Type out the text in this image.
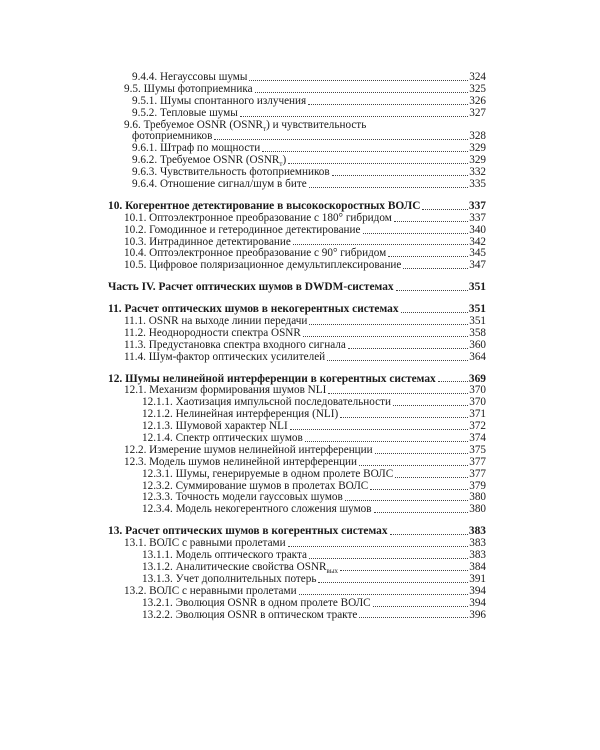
9.4.4. Негауссовы шумы	324
9.5. Шумы фотоприемника	325
9.5.1. Шумы спонтанного излучения	326
9.5.2. Тепловые шумы	327
9.6. Требуемое OSNR $(OSNR_т)$ и чувствительность
фотоприемников	328
9.6.1. Штраф по мощности	329
9.6.2. Требуемое OSNR $(OSNR_т)$	329
9.6.3. Чувствительность фотоприемников	332
9.6.4. Отношение сигнал/шум в бите	335
10. Когерентное детектирование в высокоскоростных ВОЛС	337
10.1. Оптоэлектронное преобразование с 180° гибридом	337
10.2. Гомодинное и гетеродинное детектирование	340
10.3. Интрадинное детектирование	342
10.4. Оптоэлектронное преобразование с 90° гибридом	345
10.5. Цифровое поляризационное демультиплексирование	347
Часть IV. Расчет оптических шумов в DWDM-системах	351
11. Расчет оптических шумов в некогерентных системах	351
11.1. OSNR на выходе линии передачи	351
11.2. Неоднородности спектра OSNR	358
11.3. Предустановка спектра входного сигнала	360
11.4. Шум-фактор оптических усилителей	364
12. Шумы нелинейной интерференции в когерентных системах	369
12.1. Механизм формирования шумов NLI	370
12.1.1. Хаотизация импульсной последовательности	370
12.1.2. Нелинейная интерференция (NLI)	371
12.1.3. Шумовой характер NLI	372
12.1.4. Спектр оптических шумов	374
12.2. Измерение шумов нелинейной интерференции	375
12.3. Модель шумов нелинейной интерференции	377
12.3.1. Шумы, генерируемые в одном пролете ВОЛС	377
12.3.2. Суммирование шумов в пролетах ВОЛС	379
12.3.3. Точность модели гауссовых шумов	380
12.3.4. Модель некогерентного сложения шумов	380
13. Расчет оптических шумов в когерентных системах	383
13.1. ВОЛС с равными пролетами	383
13.1.1. Модель оптического тракта	383
13.1.2. Аналитические свойства $OSNR_{вых}$	384
13.1.3. Учет дополнительных потерь	391
13.2. ВОЛС с неравными пролетами	394
13.2.1. Эволюция OSNR в одном пролете ВОЛС	394
13.2.2. Эволюция OSNR в оптическом тракте	396
